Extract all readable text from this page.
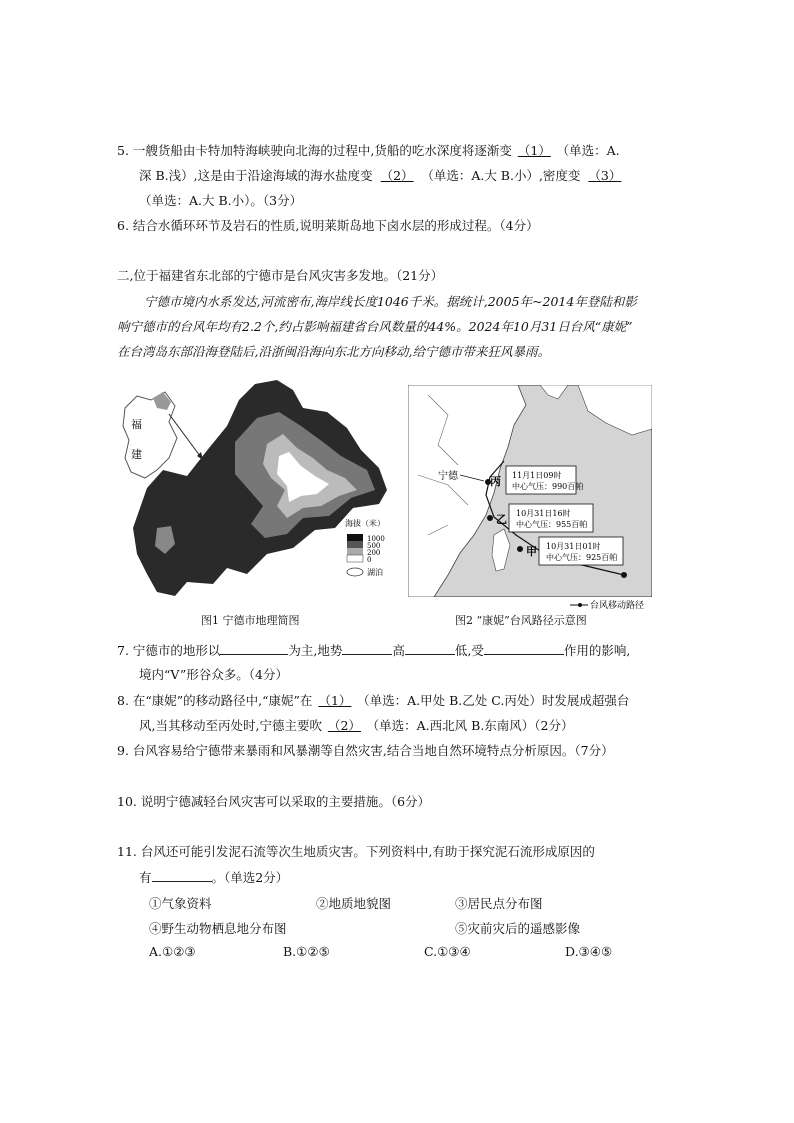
5. 一艘货船由卡特加特海峡驶向北海的过程中,货船的吃水深度将逐渐变 （1） （单选：A.
深 B.浅）,这是由于沿途海域的海水盐度变 （2） （单选：A.大 B.小）,密度变 （3）
（单选：A.大 B.小）。（3分）
6. 结合水循环环节及岩石的性质,说明莱斯岛地下卤水层的形成过程。（4分）
二,位于福建省东北部的宁德市是台风灾害多发地。（21分）
宁德市境内水系发达,河流密布,海岸线长度1046千米。据统计,2005年~2014年登陆和影
响宁德市的台风年均有2.2个,约占影响福建省台风数量的44%。2024年10月31日台风“康妮”
在台湾岛东部沿海登陆后,沿浙闽沿海向东北方向移动,给宁德市带来狂风暴雨。
福
建
海拔（米）
1000
500
200
0
湖泊
图1 宁德市地理简图
宁德	丙 11月1日09时
中心气压：990百帕
乙 10月31日16时
中心气压：955百帕
甲 10月31日01时
中心气压：925百帕
台风移动路径
图2 “康妮”台风路径示意图
7. 宁德市的地形以	为主,地势	高	低,受	作用的影响,
境内“V”形谷众多。（4分）
8. 在“康妮”的移动路径中,“康妮”在 （1） （单选：A.甲处 B.乙处 C.丙处）时发展成超强台
风,当其移动至丙处时,宁德主要吹 （2） （单选：A.西北风 B.东南风）（2分）
9. 台风容易给宁德带来暴雨和风暴潮等自然灾害,结合当地自然环境特点分析原因。（7分）
10. 说明宁德减轻台风灾害可以采取的主要措施。（6分）
11. 台风还可能引发泥石流等次生地质灾害。下列资料中,有助于探究泥石流形成原因的
有	。（单选2分）
①气象资料	②地质地貌图	③居民点分布图
④野生动物栖息地分布图	⑤灾前灾后的遥感影像
A.①②③	B.①②⑤	C.①③④	D.③④⑤
